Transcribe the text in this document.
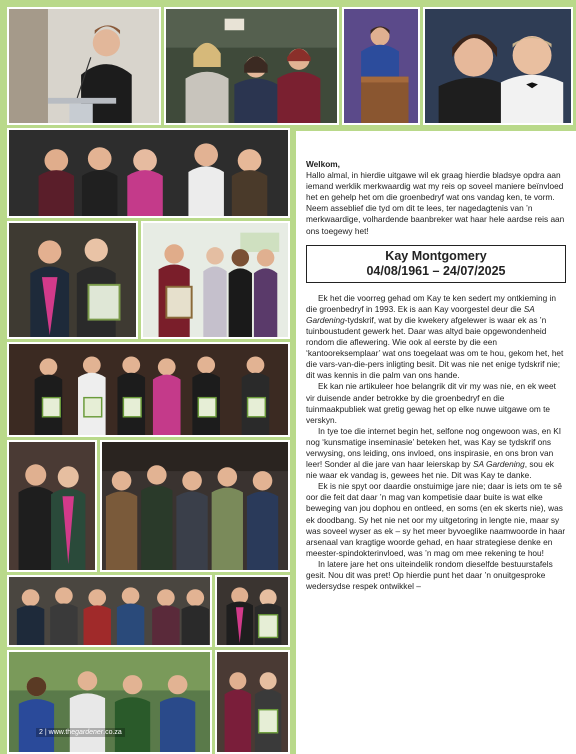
Welkom,

Hallo almal, in hierdie uitgawe wil ek graag hierdie bladsye opdra aan iemand werklik merkwaardig wat my reis op soveel maniere beïnvloed het en gehelp het om die groenbedryf wat ons vandag ken, te vorm. Neem asseblief die tyd om dit te lees, ter nagedagtenis van ’n merkwaardige, volhardende baanbreker wat haar hele aardse reis aan ons toegewy het!

Kay Montgomery
04/08/1961 – 24/07/2025

Ek het die voorreg gehad om Kay te ken sedert my ontkieming in die groenbedryf in 1993. Ek is aan Kay voorgestel deur die SA Gardening-tydskrif, wat by die kwekery afgelewer is waar ek as ’n tuinboustudent gewerk het. Daar was altyd baie opgewondenheid rondom die aflewering. Wie ook al eerste by die een ‘kantooreksemplaar’ wat ons toegelaat was om te hou, gekom het, het die vars-van-die-pers inligting besit. Dit was nie net enige tydskrif nie; dit was kennis in die palm van ons hande.

Ek kan nie artikuleer hoe belangrik dit vir my was nie, en ek weet vir duisende ander betrokke by die groenbedryf en die tuinmaakpubliek wat gretig gewag het op elke nuwe uitgawe om te verskyn.

In tye toe die internet begin het, selfone nog ongewoon was, en KI nog ‘kunsmatige inseminasie’ beteken het, was Kay se tydskrif ons verwysing, ons leiding, ons invloed, ons inspirasie, en ons bron van leer! Sonder al die jare van haar leierskap by SA Gardening, sou ek nie waar ek vandag is, gewees het nie. Dit was Kay te danke.

Ek is nie spyt oor daardie onstuimige jare nie; daar is iets om te sê oor die feit dat daar ’n mag van kompetisie daar buite is wat elke beweging van jou dophou en ontleed, en soms (en ek skerts nie), was ek doodbang. Sy het nie net oor my uitgetoring in lengte nie, maar sy was soveel wyser as ek – sy het meer byvoeglike naamwoorde in haar arsenaal van kragtige woorde gehad, en haar strategiese denke en meester-spindokterinvloed, was ’n mag om mee rekening te hou!

In latere jare het ons uiteindelik rondom dieselfde bestuurstafels gesit. Nou dit was pret! Op hierdie punt het daar ’n onuitgesproke wedersydse respek ontwikkel –

2 | www.thegardener.co.za
